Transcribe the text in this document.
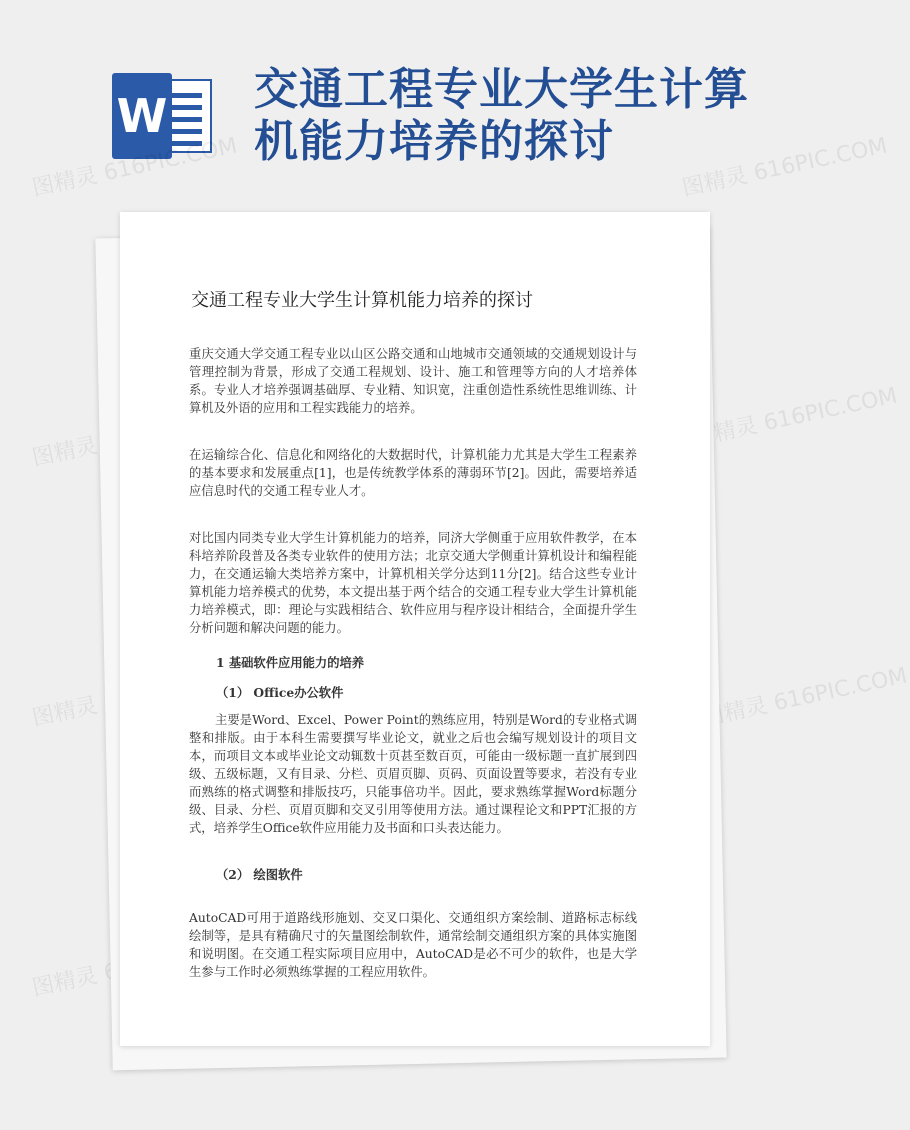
W 交通工程专业大学生计算机能力培养的探讨
图精灵 616PIC.COM	图精灵 616PIC.COM
图精灵
图精灵 616PIC.COM
图精灵	图精灵 616PIC.COM
图精灵
交通工程专业大学生计算机能力培养的探讨

重庆交通大学交通工程专业以山区公路交通和山地城市交通领域的交通规划设计与管理控制为背景，形成了交通工程规划、设计、施工和管理等方向的人才培养体系。专业人才培养强调基础厚、专业精、知识宽，注重创造性系统性思维训练、计算机及外语的应用和工程实践能力的培养。

在运输综合化、信息化和网络化的大数据时代，计算机能力尤其是大学生工程素养的基本要求和发展重点[1]，也是传统教学体系的薄弱环节[2]。因此，需要培养适应信息时代的交通工程专业人才。

对比国内同类专业大学生计算机能力的培养，同济大学侧重于应用软件教学，在本科培养阶段普及各类专业软件的使用方法；北京交通大学侧重计算机设计和编程能力，在交通运输大类培养方案中，计算机相关学分达到11分[2]。结合这些专业计算机能力培养模式的优势，本文提出基于两个结合的交通工程专业大学生计算机能力培养模式，即：理论与实践相结合、软件应用与程序设计相结合，全面提升学生分析问题和解决问题的能力。

1 基础软件应用能力的培养
（1） Office办公软件

主要是Word、Excel、Power Point的熟练应用，特别是Word的专业格式调整和排版。由于本科生需要撰写毕业论文，就业之后也会编写规划设计的项目文本，而项目文本或毕业论文动辄数十页甚至数百页，可能由一级标题一直扩展到四级、五级标题，又有目录、分栏、页眉页脚、页码、页面设置等要求，若没有专业而熟练的格式调整和排版技巧，只能事倍功半。因此，要求熟练掌握Word标题分级、目录、分栏、页眉页脚和交叉引用等使用方法。通过课程论文和PPT汇报的方式，培养学生Office软件应用能力及书面和口头表达能力。

（2） 绘图软件

AutoCAD可用于道路线形施划、交叉口渠化、交通组织方案绘制、道路标志标线绘制等，是具有精确尺寸的矢量图绘制软件，通常绘制交通组织方案的具体实施图和说明图。在交通工程实际项目应用中，AutoCAD是必不可少的软件，也是大学生参与工作时必须熟练掌握的工程应用软件。
